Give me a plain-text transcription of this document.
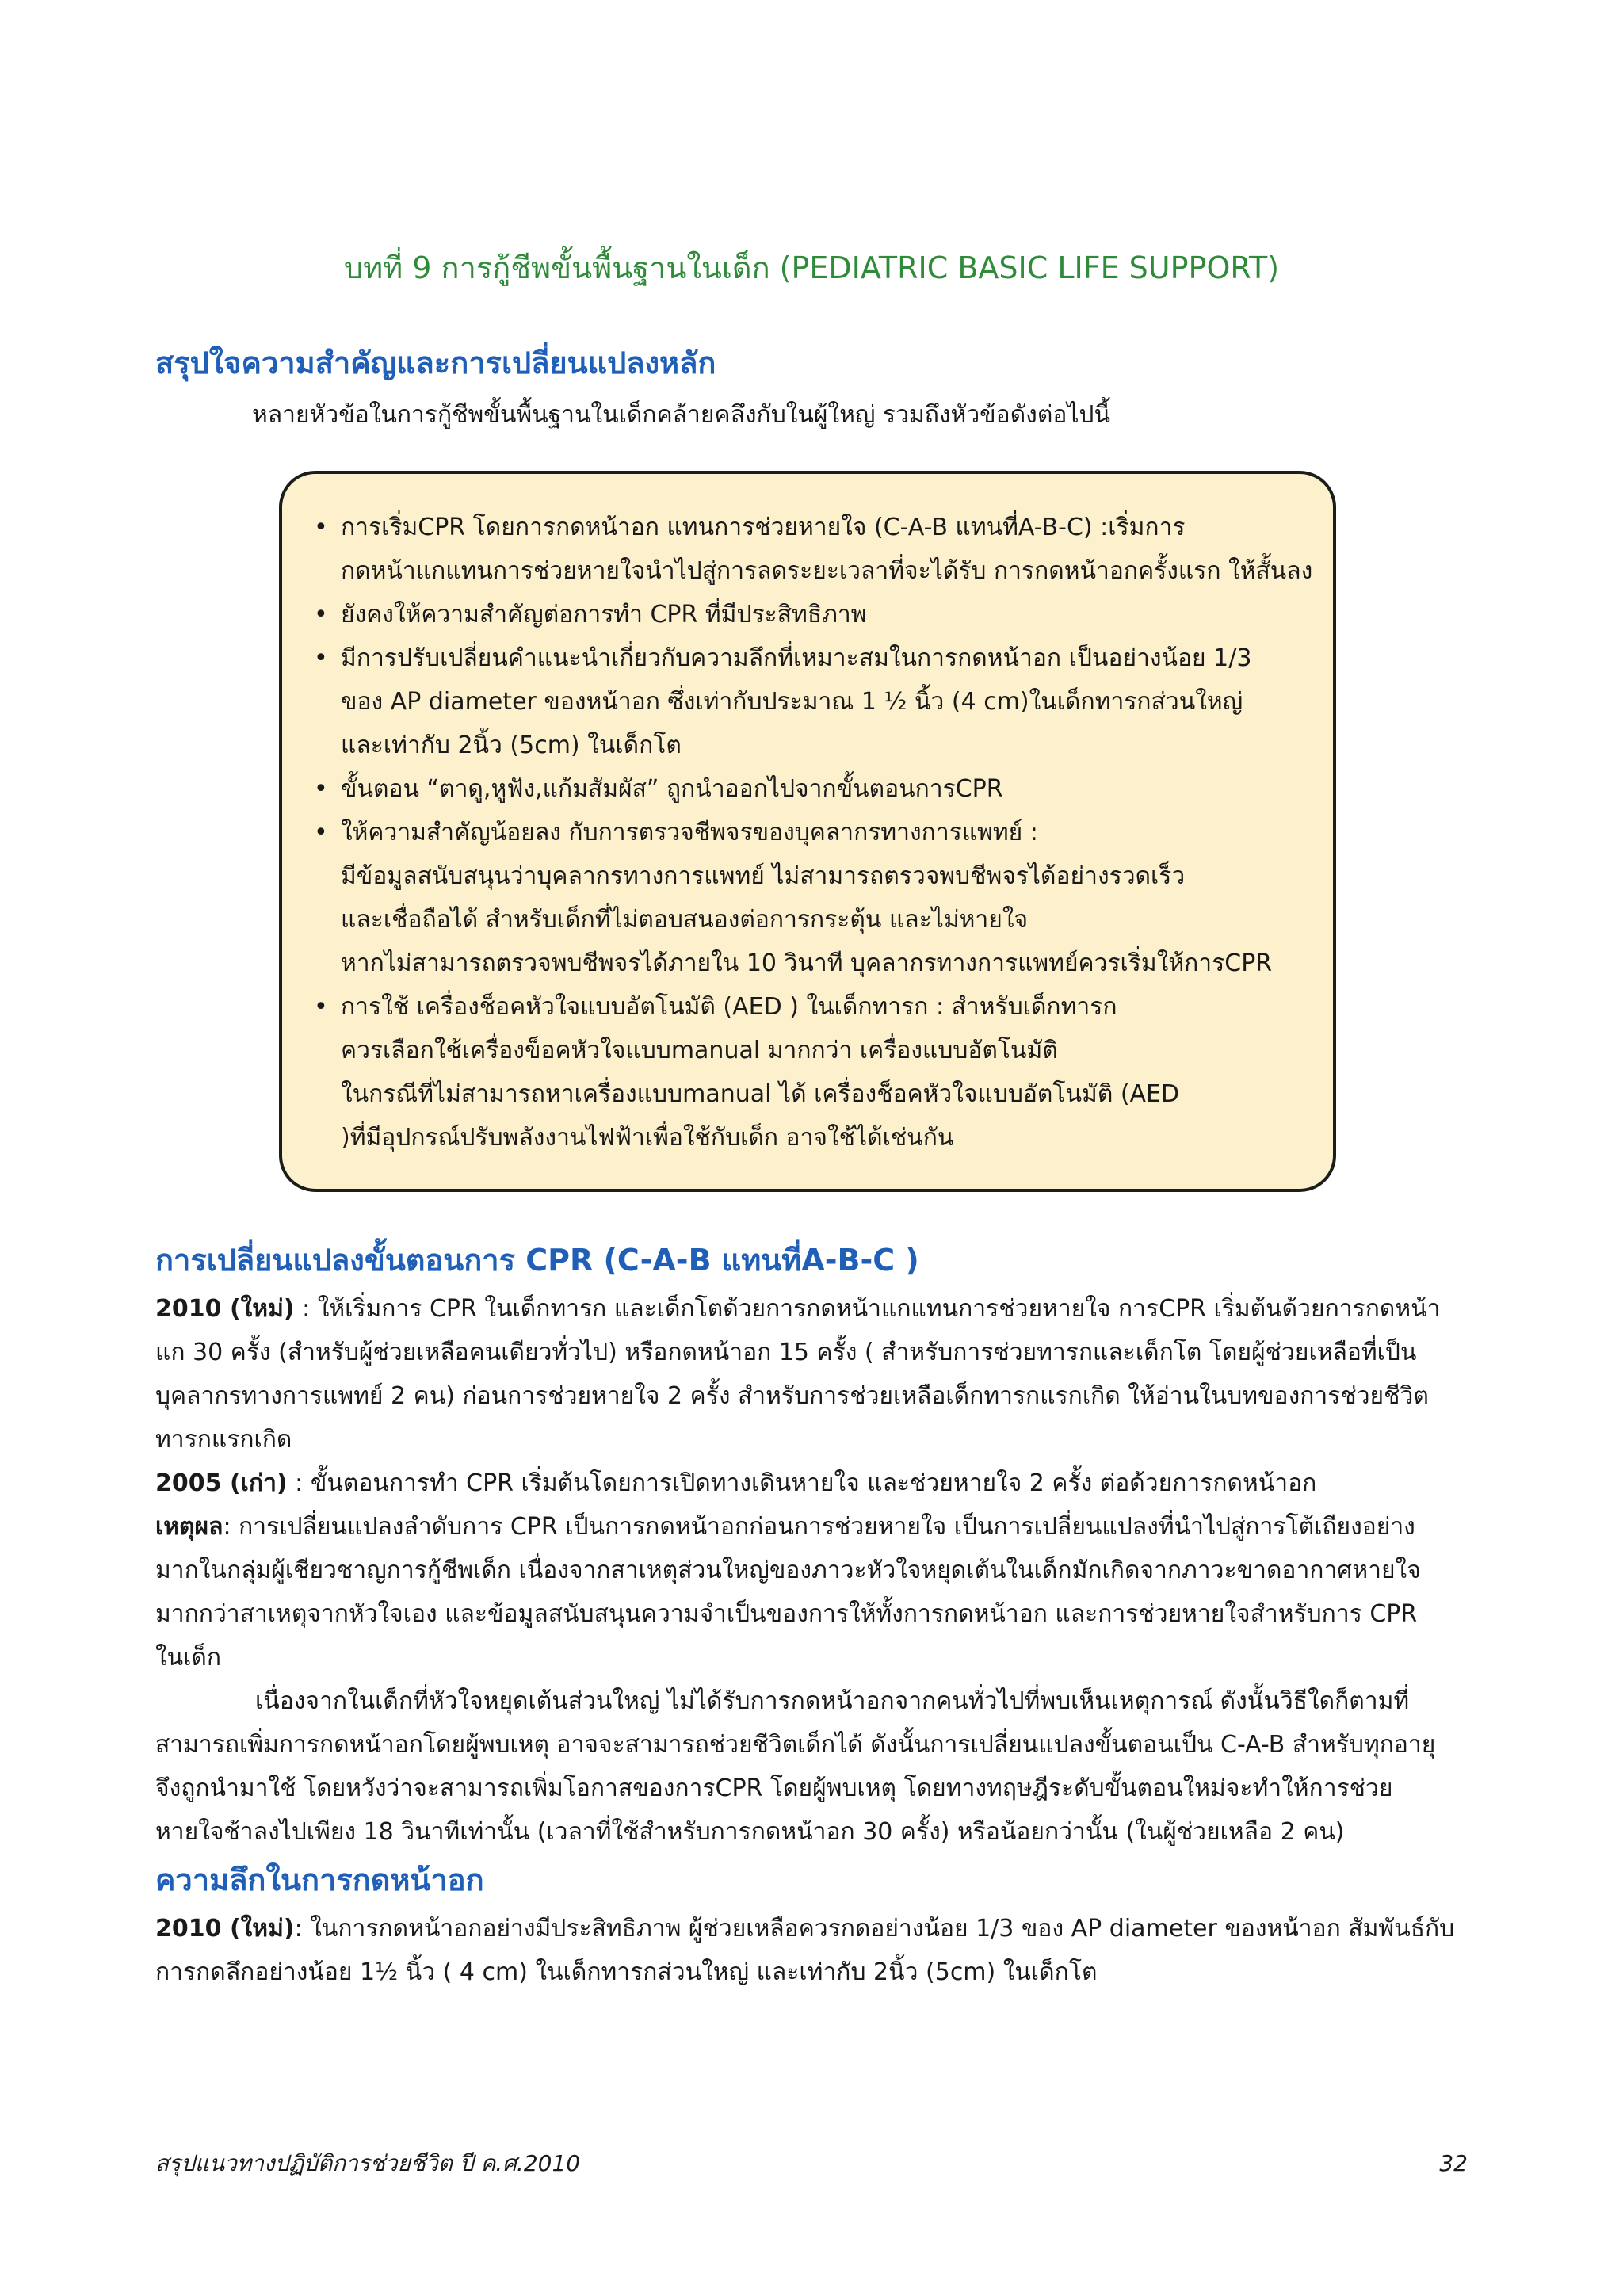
บทที่ 9 การกู้ชีพขั้นพื้นฐานในเด็ก (PEDIATRIC BASIC LIFE SUPPORT)
สรุปใจความสำคัญและการเปลี่ยนแปลงหลัก
หลายหัวข้อในการกู้ชีพขั้นพื้นฐานในเด็กคล้ายคลึงกับในผู้ใหญ่ รวมถึงหัวข้อดังต่อไปนี้
• การเริ่มCPR โดยการกดหน้าอก แทนการช่วยหายใจ (C-A-B แทนที่A-B-C) :เริ่มการ
กดหน้าแกแทนการช่วยหายใจนำไปสู่การลดระยะเวลาที่จะได้รับ การกดหน้าอกครั้งแรก ให้สั้นลง
• ยังคงให้ความสำคัญต่อการทำ CPR ที่มีประสิทธิภาพ
• มีการปรับเปลี่ยนคำแนะนำเกี่ยวกับความลึกที่เหมาะสมในการกดหน้าอก เป็นอย่างน้อย 1/3
ของ AP diameter ของหน้าอก ซึ่งเท่ากับประมาณ 1 ½ นิ้ว (4 cm)ในเด็กทารกส่วนใหญ่
และเท่ากับ 2นิ้ว (5cm) ในเด็กโต
• ขั้นตอน “ตาดู,หูฟัง,แก้มสัมผัส” ถูกนำออกไปจากขั้นตอนการCPR
• ให้ความสำคัญน้อยลง กับการตรวจชีพจรของบุคลากรทางการแพทย์ :
มีข้อมูลสนับสนุนว่าบุคลากรทางการแพทย์ ไม่สามารถตรวจพบชีพจรได้อย่างรวดเร็ว
และเชื่อถือได้ สำหรับเด็กที่ไม่ตอบสนองต่อการกระตุ้น และไม่หายใจ
หากไม่สามารถตรวจพบชีพจรได้ภายใน 10 วินาที บุคลากรทางการแพทย์ควรเริ่มให้การCPR
• การใช้ เครื่องช็อคหัวใจแบบอัตโนมัติ (AED ) ในเด็กทารก : สำหรับเด็กทารก
ควรเลือกใช้เครื่องข็อคหัวใจแบบmanual มากกว่า เครื่องแบบอัตโนมัติ
ในกรณีที่ไม่สามารถหาเครื่องแบบmanual ได้ เครื่องช็อคหัวใจแบบอัตโนมัติ (AED
)ที่มีอุปกรณ์ปรับพลังงานไฟฟ้าเพื่อใช้กับเด็ก อาจใช้ได้เช่นกัน
การเปลี่ยนแปลงขั้นตอนการ CPR (C-A-B แทนที่A-B-C )
2010 (ใหม่) : ให้เริ่มการ CPR ในเด็กทารก และเด็กโตด้วยการกดหน้าแกแทนการช่วยหายใจ การCPR เริ่มต้นด้วยการกดหน้า
แก 30 ครั้ง (สำหรับผู้ช่วยเหลือคนเดียวทั่วไป) หรือกดหน้าอก 15 ครั้ง ( สำหรับการช่วยทารกและเด็กโต โดยผู้ช่วยเหลือที่เป็น
บุคลากรทางการแพทย์ 2 คน) ก่อนการช่วยหายใจ 2 ครั้ง สำหรับการช่วยเหลือเด็กทารกแรกเกิด ให้อ่านในบทของการช่วยชีวิต
ทารกแรกเกิด
2005 (เก่า) : ขั้นตอนการทำ CPR เริ่มต้นโดยการเปิดทางเดินหายใจ และช่วยหายใจ 2 ครั้ง ต่อด้วยการกดหน้าอก
เหตุผล: การเปลี่ยนแปลงลำดับการ CPR เป็นการกดหน้าอกก่อนการช่วยหายใจ เป็นการเปลี่ยนแปลงที่นำไปสู่การโต้เถียงอย่าง
มากในกลุ่มผู้เชียวชาญการกู้ชีพเด็ก เนื่องจากสาเหตุส่วนใหญ่ของภาวะหัวใจหยุดเต้นในเด็กมักเกิดจากภาวะขาดอากาศหายใจ
มากกว่าสาเหตุจากหัวใจเอง และข้อมูลสนับสนุนความจำเป็นของการให้ทั้งการกดหน้าอก และการช่วยหายใจสำหรับการ CPR
ในเด็ก
เนื่องจากในเด็กที่หัวใจหยุดเต้นส่วนใหญ่ ไม่ได้รับการกดหน้าอกจากคนทั่วไปที่พบเห็นเหตุการณ์ ดังนั้นวิธีใดก็ตามที่
สามารถเพิ่มการกดหน้าอกโดยผู้พบเหตุ อาจจะสามารถช่วยชีวิตเด็กได้ ดังนั้นการเปลี่ยนแปลงขั้นตอนเป็น C-A-B สำหรับทุกอายุ
จึงถูกนำมาใช้ โดยหวังว่าจะสามารถเพิ่มโอกาสของการCPR โดยผู้พบเหตุ โดยทางทฤษฎีระดับขั้นตอนใหม่จะทำให้การช่วย
หายใจช้าลงไปเพียง 18 วินาทีเท่านั้น (เวลาที่ใช้สำหรับการกดหน้าอก 30 ครั้ง) หรือน้อยกว่านั้น (ในผู้ช่วยเหลือ 2 คน)
ความลึกในการกดหน้าอก
2010 (ใหม่): ในการกดหน้าอกอย่างมีประสิทธิภาพ ผู้ช่วยเหลือควรกดอย่างน้อย 1/3 ของ AP diameter ของหน้าอก สัมพันธ์กับ
การกดลึกอย่างน้อย 1½ นิ้ว ( 4 cm) ในเด็กทารกส่วนใหญ่ และเท่ากับ 2นิ้ว (5cm) ในเด็กโต
สรุปแนวทางปฏิบัติการช่วยชีวิต ปี ค.ศ.2010	32
